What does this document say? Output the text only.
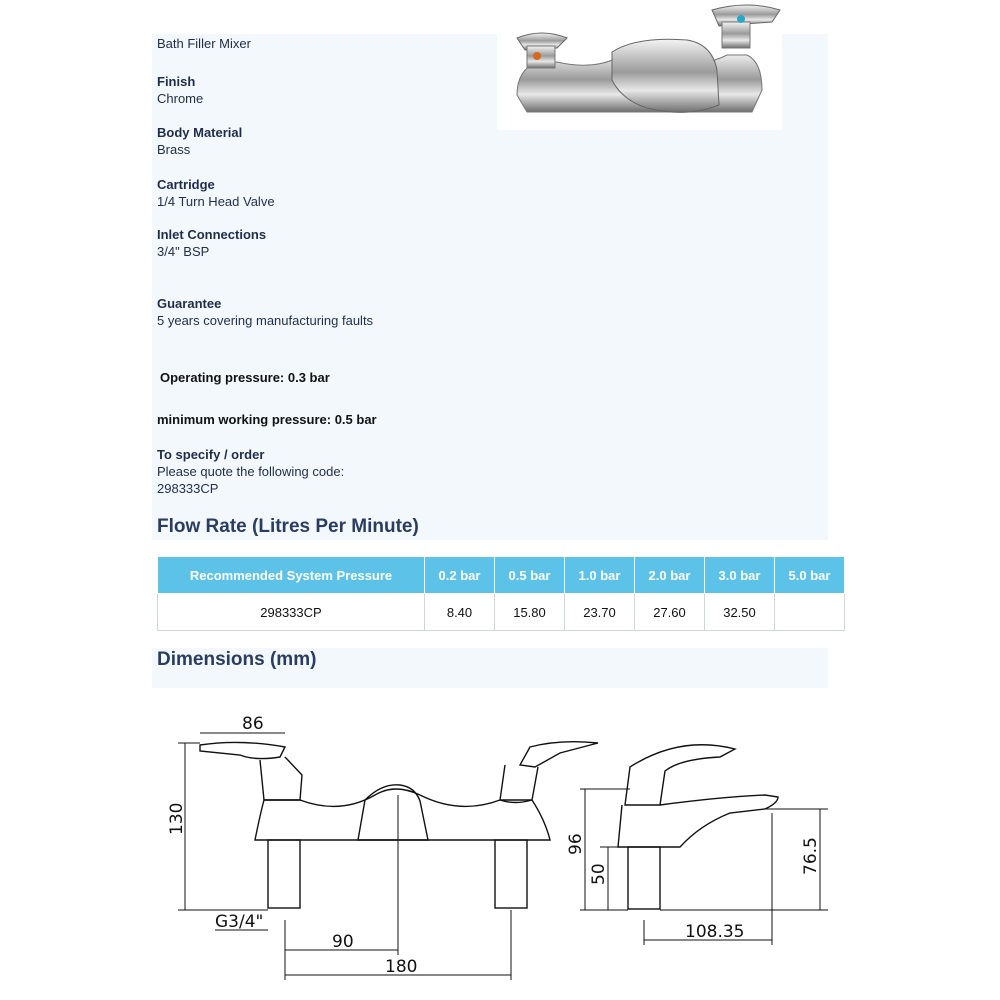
Bath Filler Mixer
Finish
Chrome
Body Material
Brass
Cartridge
1/4 Turn Head Valve
Inlet Connections
3/4" BSP
Guarantee
5 years covering manufacturing faults
Operating pressure: 0.3 bar
minimum working pressure: 0.5 bar
To specify / order
Please quote the following code:
298333CP
Flow Rate (Litres Per Minute)
Recommended System Pressure	0.2 bar	0.5 bar	1.0 bar	2.0 bar	3.0 bar	5.0 bar
298333CP	8.40	15.80	23.70	27.60	32.50	
Dimensions (mm)
86
130
G3/4"
90
180
96
50	76.5
108.35
